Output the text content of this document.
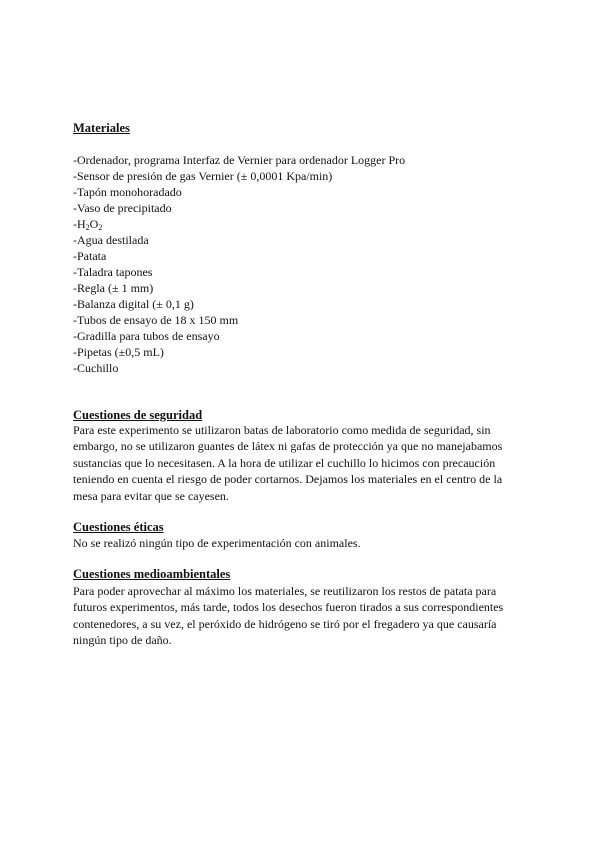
Materiales
-Ordenador, programa Interfaz de Vernier para ordenador Logger Pro
-Sensor de presión de gas Vernier (± 0,0001 Kpa/min)
-Tapón monohoradado
-Vaso de precipitado
$-H_2O_2$
-Agua destilada
-Patata
-Taladra tapones
-Regla (± 1 mm)
-Balanza digital (± 0,1 g)
-Tubos de ensayo de 18 x 150 mm
-Gradilla para tubos de ensayo
-Pipetas (±0,5 mL)
-Cuchillo
Cuestiones de seguridad

Para este experimento se utilizaron batas de laboratorio como medida de seguridad, sin
embargo, no se utilizaron guantes de látex ni gafas de protección ya que no manejabamos
sustancias que lo necesitasen. A la hora de utilizar el cuchillo lo hicimos con precaución
teniendo en cuenta el riesgo de poder cortarnos. Dejamos los materiales en el centro de la
mesa para evitar que se cayesen.

Cuestiones éticas

No se realizó ningún tipo de experimentación con animales.

Cuestiones medioambientales

Para poder aprovechar al máximo los materiales, se reutilizaron los restos de patata para
futuros experimentos, más tarde, todos los desechos fueron tirados a sus correspondientes
contenedores, a su vez, el peróxido de hidrógeno se tiró por el fregadero ya que causaría
ningún tipo de daño.
